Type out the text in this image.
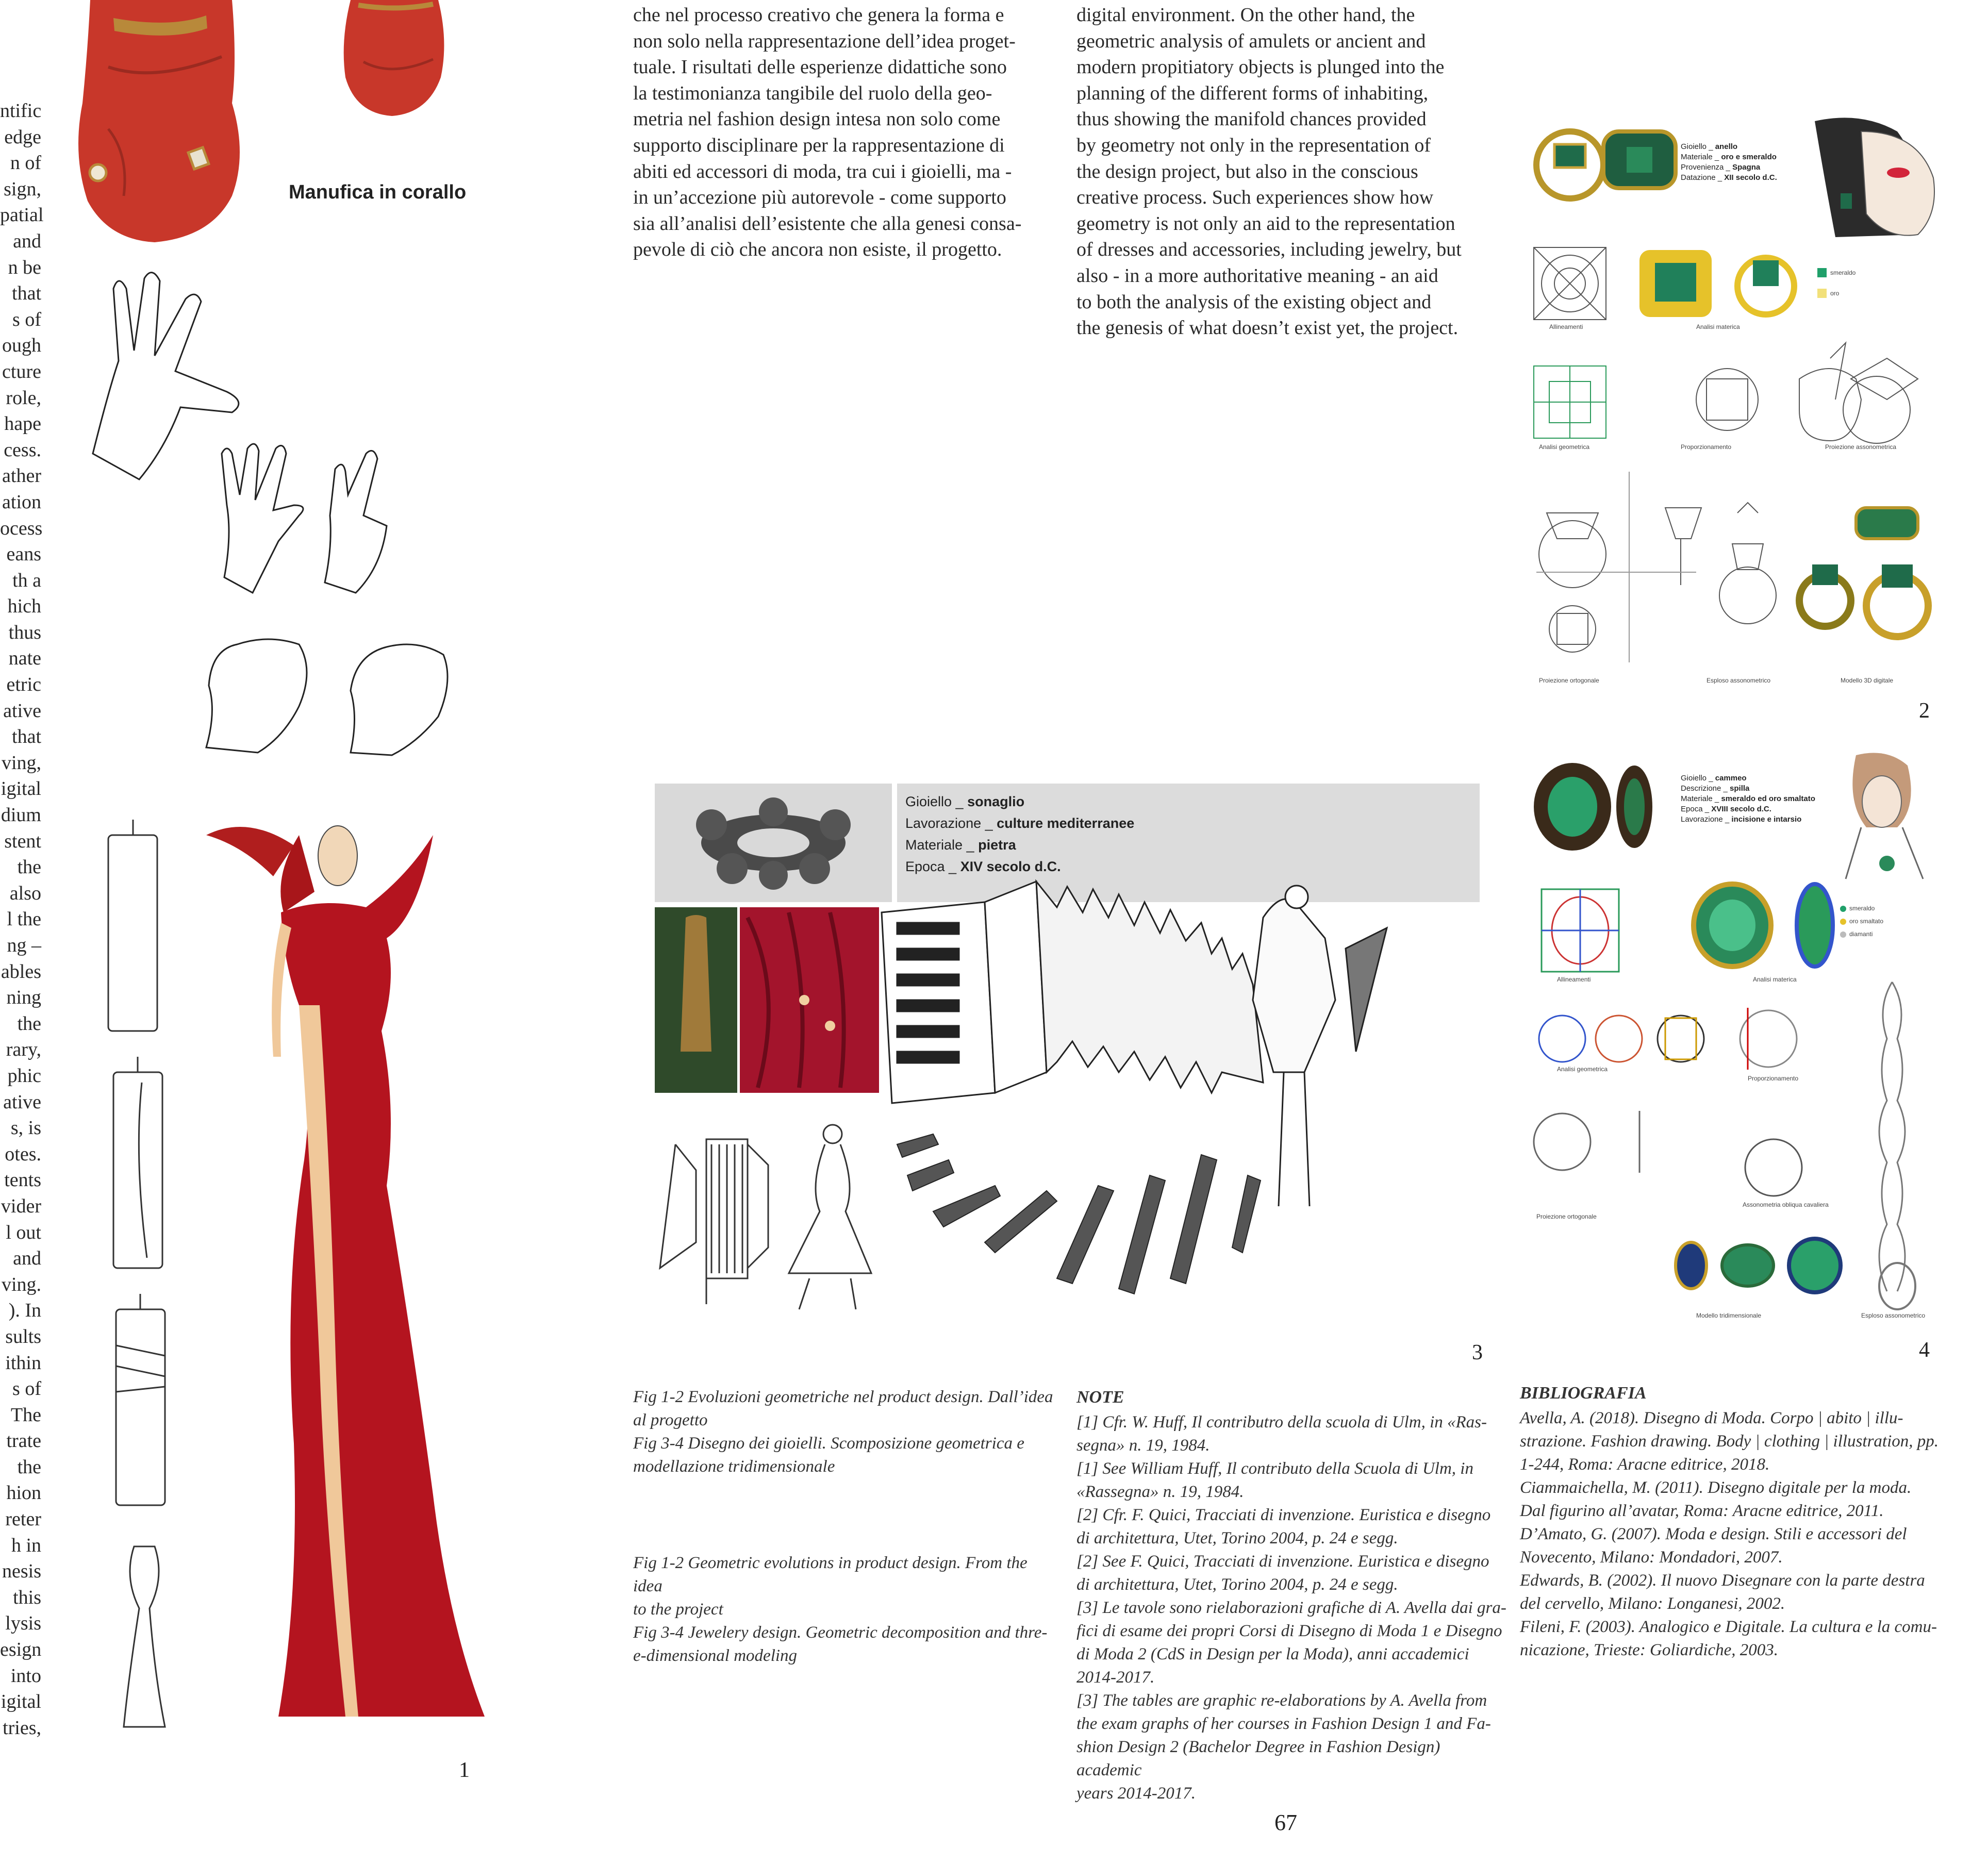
ntific
edge
n of
sign,
patial
and
n be
that
s of
ough
cture
role,
hape
cess.
ather
ation
ocess
eans
th a
hich
thus
nate
etric
ative
that
ving,
igital
dium
stent
the
also
l the
ng –
ables
ning
the
rary,
phic
ative
s, is
otes.
tents
vider
l out
and
ving.
). In
sults
ithin
s of
The
trate
the
hion
reter
h in
nesis
this
lysis
esign
into
igital
tries,
Manufica in corallo
1
che nel processo creativo che genera la forma e
non solo nella rappresentazione dell’idea proget-
tuale. I risultati delle esperienze didattiche sono
la testimonianza tangibile del ruolo della geo-
metria nel fashion design intesa non solo come
supporto disciplinare per la rappresentazione di
abiti ed accessori di moda, tra cui i gioielli, ma -
in un’accezione più autorevole - come supporto
sia all’analisi dell’esistente che alla genesi consa-
pevole di ciò che ancora non esiste, il progetto.
digital environment. On the other hand, the
geometric analysis of amulets or ancient and
modern propitiatory objects is plunged into the
planning of the different forms of inhabiting,
thus showing the manifold chances provided
by geometry not only in the representation of
the design project, but also in the conscious
creative process. Such experiences show how
geometry is not only an aid to the representation
of dresses and accessories, including jewelry, but
also - in a more authoritative meaning - an aid
to both the analysis of the existing object and
the genesis of what doesn’t exist yet, the project.
Gioiello _ anello
Materiale _ oro e smeraldo
Provenienza _ Spagna
Datazione _ XII secolo d.C.
smeraldo
oro
Allineamenti	Analisi materica
Analisi geometrica	Proporzionamento	Proiezione assonometrica
Proiezione ortogonale	Esploso assonometrico	Modello 3D digitale
2
Gioiello _ sonaglio
Lavorazione _ culture mediterranee
Materiale _ pietra
Epoca _ XIV secolo d.C.
3
Gioiello _ cammeo
Descrizione _ spilla
Materiale _ smeraldo ed oro smaltato
Epoca _ XVIII secolo d.C.
Lavorazione _ incisione e intarsio
smeraldo
oro smaltato
diamanti
Allineamenti	Analisi materica
Analisi geometrica
Proporzionamento
Assonometria obliqua cavaliera
Proiezione ortogonale
Modello tridimensionale	Esploso assonometrico
4
Fig 1-2 Evoluzioni geometriche nel product design. Dall’idea
al progetto
Fig 3-4 Disegno dei gioielli. Scomposizione geometrica e
modellazione tridimensionale
Fig 1-2 Geometric evolutions in product design. From the idea
to the project
Fig 3-4 Jewelery design. Geometric decomposition and thre-
e-dimensional modeling
NOTE
[1] Cfr. W. Huff, Il contributro della scuola di Ulm, in «Ras-
segna» n. 19, 1984.
[1] See William Huff, Il contributo della Scuola di Ulm, in
«Rassegna» n. 19, 1984.
[2] Cfr. F. Quici, Tracciati di invenzione. Euristica e disegno
di architettura, Utet, Torino 2004, p. 24 e segg.
[2] See F. Quici, Tracciati di invenzione. Euristica e disegno
di architettura, Utet, Torino 2004, p. 24 e segg.
[3] Le tavole sono rielaborazioni grafiche di A. Avella dai gra-
fici di esame dei propri Corsi di Disegno di Moda 1 e Disegno
di Moda 2 (CdS in Design per la Moda), anni accademici
2014-2017.
[3] The tables are graphic re-elaborations by A. Avella from
the exam graphs of her courses in Fashion Design 1 and Fa-
shion Design 2 (Bachelor Degree in Fashion Design) academic
years 2014-2017.
BIBLIOGRAFIA
Avella, A. (2018). Disegno di Moda. Corpo | abito | illu-
strazione. Fashion drawing. Body | clothing | illustration, pp.
1-244, Roma: Aracne editrice, 2018.
Ciammaichella, M. (2011). Disegno digitale per la moda.
Dal figurino all’avatar, Roma: Aracne editrice, 2011.
D’Amato, G. (2007). Moda e design. Stili e accessori del
Novecento, Milano: Mondadori, 2007.
Edwards, B. (2002). Il nuovo Disegnare con la parte destra
del cervello, Milano: Longanesi, 2002.
Fileni, F. (2003). Analogico e Digitale. La cultura e la comu-
nicazione, Trieste: Goliardiche, 2003.
67
